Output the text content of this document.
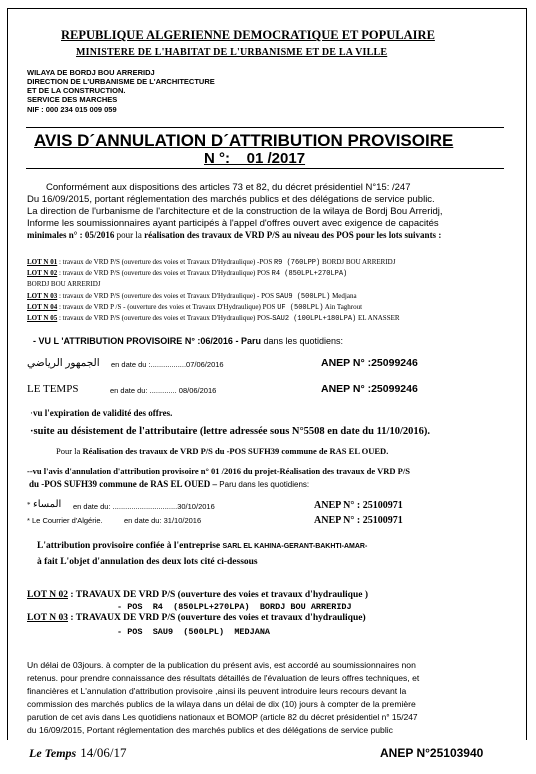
REPUBLIQUE ALGERIENNE DEMOCRATIQUE ET POPULAIRE
MINISTERE DE L'HABITAT DE L'URBANISME ET DE LA VILLE
WILAYA DE BORDJ BOU ARRERIDJ
DIRECTION DE L'URBANISME DE L'ARCHITECTURE
ET DE LA CONSTRUCTION.
SERVICE DES MARCHES
NIF : 000 234 015 009 059
AVIS D´ANNULATION D´ATTRIBUTION PROVISOIRE
N °:    01 /2017
Conformément aux dispositions des articles 73 et 82, du décret présidentiel N°15: /247
Du 16/09/2015, portant réglementation des marchés publics et des délégations de service public.
La direction de l'urbanisme de l'architecture et de la construction de la wilaya de Bordj Bou Arreridj,
Informe les soumissionnaires ayant participés à l'appel d'offres ouvert avec exigence de capacités
minimales n° : 05/2016 pour la réalisation des travaux de VRD P/S au niveau des POS pour les lots suivants :
LOT N 01 : travaux de VRD P/S (ouverture des voies et Travaux D'Hydraulique) -POS R9 (760LPP) BORDJ BOU ARRERIDJ
LOT N 02 : travaux de VRD P/S (ouverture des voies et Travaux D'Hydraulique) POS R4 (850LPL+270LPA)
BORDJ BOU ARRERIDJ
LOT N 03 : travaux de VRD P/S (ouverture des voies et Travaux D'Hydraulique) - POS SAU9 (500LPL) Medjana
LOT N 04 : travaux de VRD P /S - (ouverture des voies et Travaux D'Hydraulique) POS UF (500LPL) Ain Taghrout
LOT N 05 : travaux de VRD P/S (ouverture des voies et Travaux D'Hydraulique) POS-SAU2 (100LPL+180LPA) EL ANASSER
- VU L 'ATTRIBUTION PROVISOIRE N° :06/2016 - Paru dans les quotidiens:
الجمهور الرياضي en date du :.................07/06/2016	ANEP N° :25099246
LE TEMPS	en date du: ............. 08/06/2016	ANEP N° :25099246
·vu l'expiration de validité des offres.
·suite au désistement de l'attributaire (lettre adressée sous N°5508 en date du 11/10/2016).
Pour la Réalisation des travaux de VRD P/S du -POS SUFH39 commune de RAS EL OUED.
--vu l'avis d'annulation d'attribution provisoire n° 01 /2016 du projet-Réalisation des travaux de VRD P/S
du -POS SUFH39 commune de RAS EL OUED – Paru dans les quotidiens:
* المساء en date du: ...............................30/10/2016	ANEP N° : 25100971
* Le Courrier d'Algérie.	en date du: 31/10/2016	ANEP N° : 25100971
L'attribution provisoire confiée à l'entreprise SARL EL KAHINA-GERANT-BAKHTI-AMAR-
à fait L'objet d'annulation des deux lots cité ci-dessous
LOT N 02 : TRAVAUX DE VRD P/S (ouverture des voies et travaux d'hydraulique )
- POS  R4  (850LPL+270LPA)  BORDJ BOU ARRERIDJ
LOT N 03 : TRAVAUX DE VRD P/S (ouverture des voies et travaux d'hydraulique)
- POS  SAU9  (500LPL)  MEDJANA
Un délai de 03jours. à compter de la publication du présent avis, est accordé au soumissionnaires non
retenus. pour prendre connaissance des résultats détaillés de l'évaluation de leurs offres techniques, et
financières et L'annulation d'attribution provisoire ,ainsi ils peuvent introduire leurs recours devant la
commission des marchés publics de la wilaya dans un délai de dix (10) jours à compter de la première
parution de cet avis dans Les quotidiens nationaux et BOMOP (article 82 du décret présidentiel n° 15/247
du 16/09/2015, Portant réglementation des marchés publics et des délégations de service public
Le Temps 14/06/17	ANEP N°25103940
